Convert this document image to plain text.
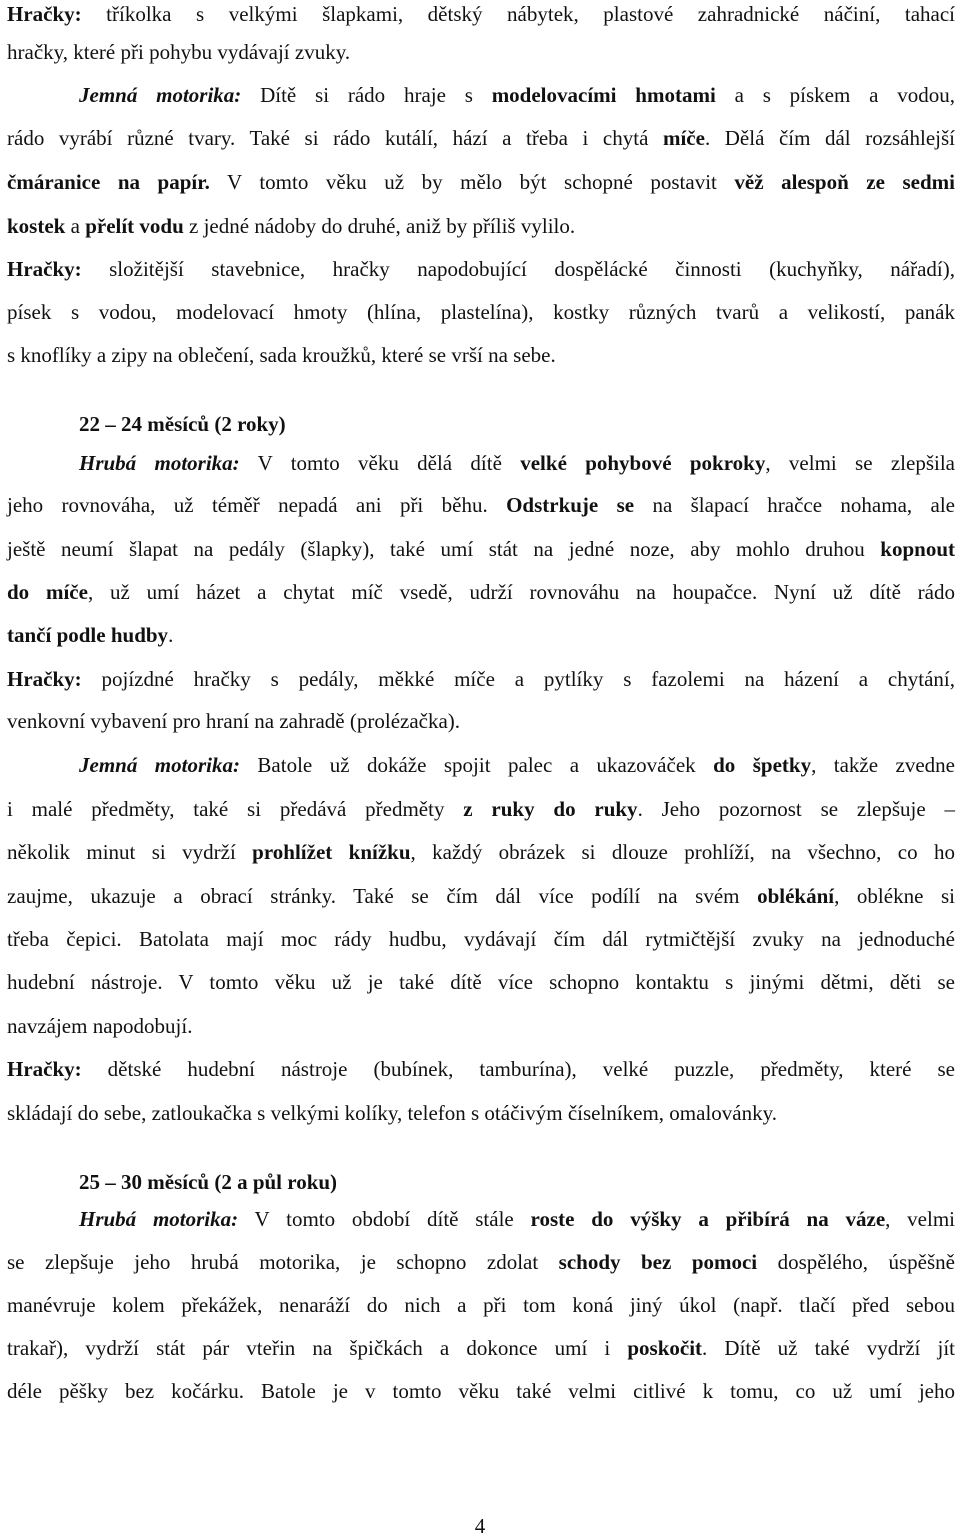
Hračky: tříkolka s velkými šlapkami, dětský nábytek, plastové zahradnické náčiní, tahací
hračky, které při pohybu vydávají zvuky.
Jemná motorika: Dítě si rádo hraje s modelovacími hmotami a s pískem a vodou,
rádo vyrábí různé tvary. Také si rádo kutálí, hází a třeba i chytá míče. Dělá čím dál rozsáhlejší
čmáranice na papír. V tomto věku už by mělo být schopné postavit věž alespoň ze sedmi
kostek a přelít vodu z jedné nádoby do druhé, aniž by příliš vylilo.
Hračky: složitější stavebnice, hračky napodobující dospělácké činnosti (kuchyňky, nářadí),
písek s vodou, modelovací hmoty (hlína, plastelína), kostky různých tvarů a velikostí, panák
s knoflíky a zipy na oblečení, sada kroužků, které se vrší na sebe.
22 – 24 měsíců (2 roky)
Hrubá motorika: V tomto věku dělá dítě velké pohybové pokroky, velmi se zlepšila
jeho rovnováha, už téměř nepadá ani při běhu. Odstrkuje se na šlapací hračce nohama, ale
ještě neumí šlapat na pedály (šlapky), také umí stát na jedné noze, aby mohlo druhou kopnout
do míče, už umí házet a chytat míč vsedě, udrží rovnováhu na houpačce. Nyní už dítě rádo
tančí podle hudby.
Hračky: pojízdné hračky s pedály, měkké míče a pytlíky s fazolemi na házení a chytání,
venkovní vybavení pro hraní na zahradě (prolézačka).
Jemná motorika: Batole už dokáže spojit palec a ukazováček do špetky, takže zvedne
i malé předměty, také si předává předměty z ruky do ruky. Jeho pozornost se zlepšuje –
několik minut si vydrží prohlížet knížku, každý obrázek si dlouze prohlíží, na všechno, co ho
zaujme, ukazuje a obrací stránky. Také se čím dál více podílí na svém oblékání, oblékne si
třeba čepici. Batolata mají moc rády hudbu, vydávají čím dál rytmičtější zvuky na jednoduché
hudební nástroje. V tomto věku už je také dítě více schopno kontaktu s jinými dětmi, děti se
navzájem napodobují.
Hračky: dětské hudební nástroje (bubínek, tamburína), velké puzzle, předměty, které se
skládají do sebe, zatloukačka s velkými kolíky, telefon s otáčivým číselníkem, omalovánky.
25 – 30 měsíců (2 a půl roku)
Hrubá motorika: V tomto období dítě stále roste do výšky a přibírá na váze, velmi
se zlepšuje jeho hrubá motorika, je schopno zdolat schody bez pomoci dospělého, úspěšně
manévruje kolem překážek, nenaráží do nich a při tom koná jiný úkol (např. tlačí před sebou
trakař), vydrží stát pár vteřin na špičkách a dokonce umí i poskočit. Dítě už také vydrží jít
déle pěšky bez kočárku. Batole je v tomto věku také velmi citlivé k tomu, co už umí jeho
4
